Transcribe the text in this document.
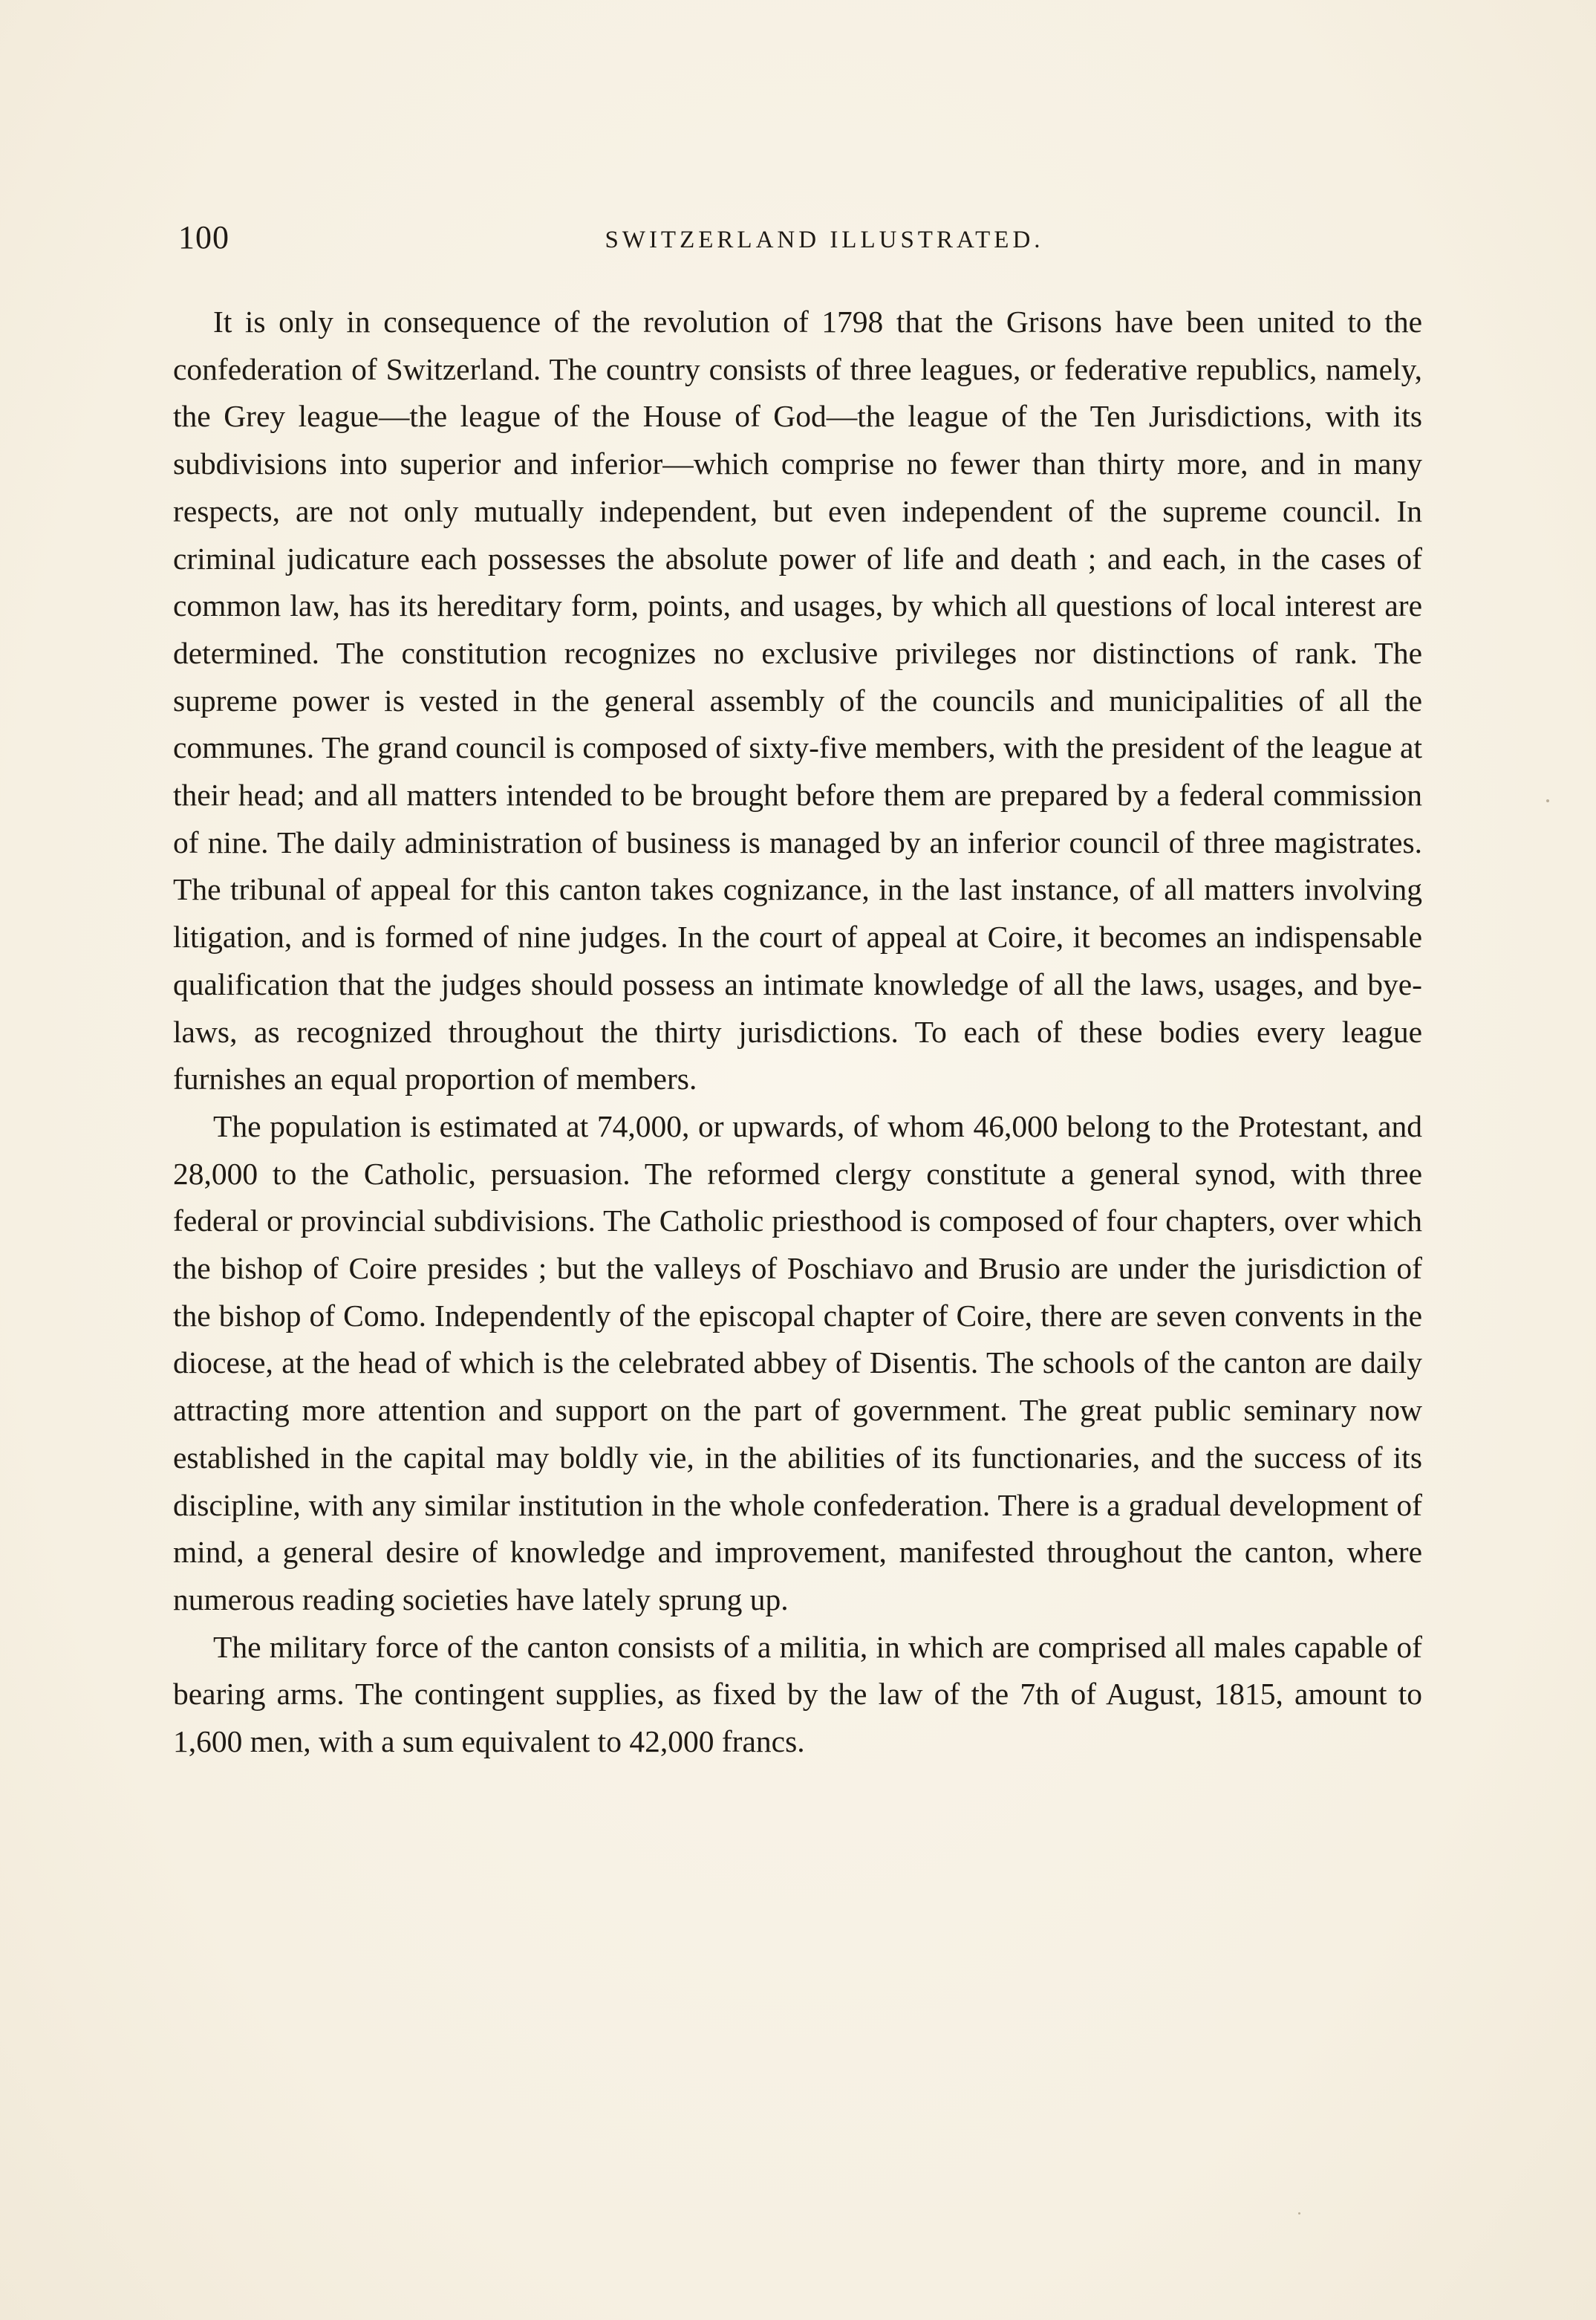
100	SWITZERLAND ILLUSTRATED.

It is only in consequence of the revolution of 1798 that the Grisons have been united to the confederation of Switzerland. The country consists of three leagues, or federative republics, namely, the Grey league—the league of the House of God—the league of the Ten Jurisdictions, with its subdivisions into superior and inferior—which comprise no fewer than thirty more, and in many respects, are not only mutually independent, but even independent of the supreme council. In criminal judicature each possesses the absolute power of life and death ; and each, in the cases of common law, has its hereditary form, points, and usages, by which all questions of local interest are determined. The constitution recognizes no exclusive privileges nor distinctions of rank. The supreme power is vested in the general assembly of the councils and municipalities of all the communes. The grand council is composed of sixty-five members, with the president of the league at their head; and all matters intended to be brought before them are prepared by a federal commission of nine. The daily administration of business is managed by an inferior council of three magistrates. The tribunal of appeal for this canton takes cognizance, in the last instance, of all matters involving litigation, and is formed of nine judges. In the court of appeal at Coire, it becomes an indispensable qualification that the judges should possess an intimate knowledge of all the laws, usages, and bye-laws, as recognized throughout the thirty jurisdictions. To each of these bodies every league furnishes an equal proportion of members.

The population is estimated at 74,000, or upwards, of whom 46,000 belong to the Protestant, and 28,000 to the Catholic, persuasion. The reformed clergy constitute a general synod, with three federal or provincial subdivisions. The Catholic priesthood is composed of four chapters, over which the bishop of Coire presides ; but the valleys of Poschiavo and Brusio are under the jurisdiction of the bishop of Como. Independently of the episcopal chapter of Coire, there are seven convents in the diocese, at the head of which is the celebrated abbey of Disentis. The schools of the canton are daily attracting more attention and support on the part of government. The great public seminary now established in the capital may boldly vie, in the abilities of its functionaries, and the success of its discipline, with any similar institution in the whole confederation. There is a gradual development of mind, a general desire of knowledge and improvement, manifested throughout the canton, where numerous reading societies have lately sprung up.

The military force of the canton consists of a militia, in which are comprised all males capable of bearing arms. The contingent supplies, as fixed by the law of the 7th of August, 1815, amount to 1,600 men, with a sum equivalent to 42,000 francs.
